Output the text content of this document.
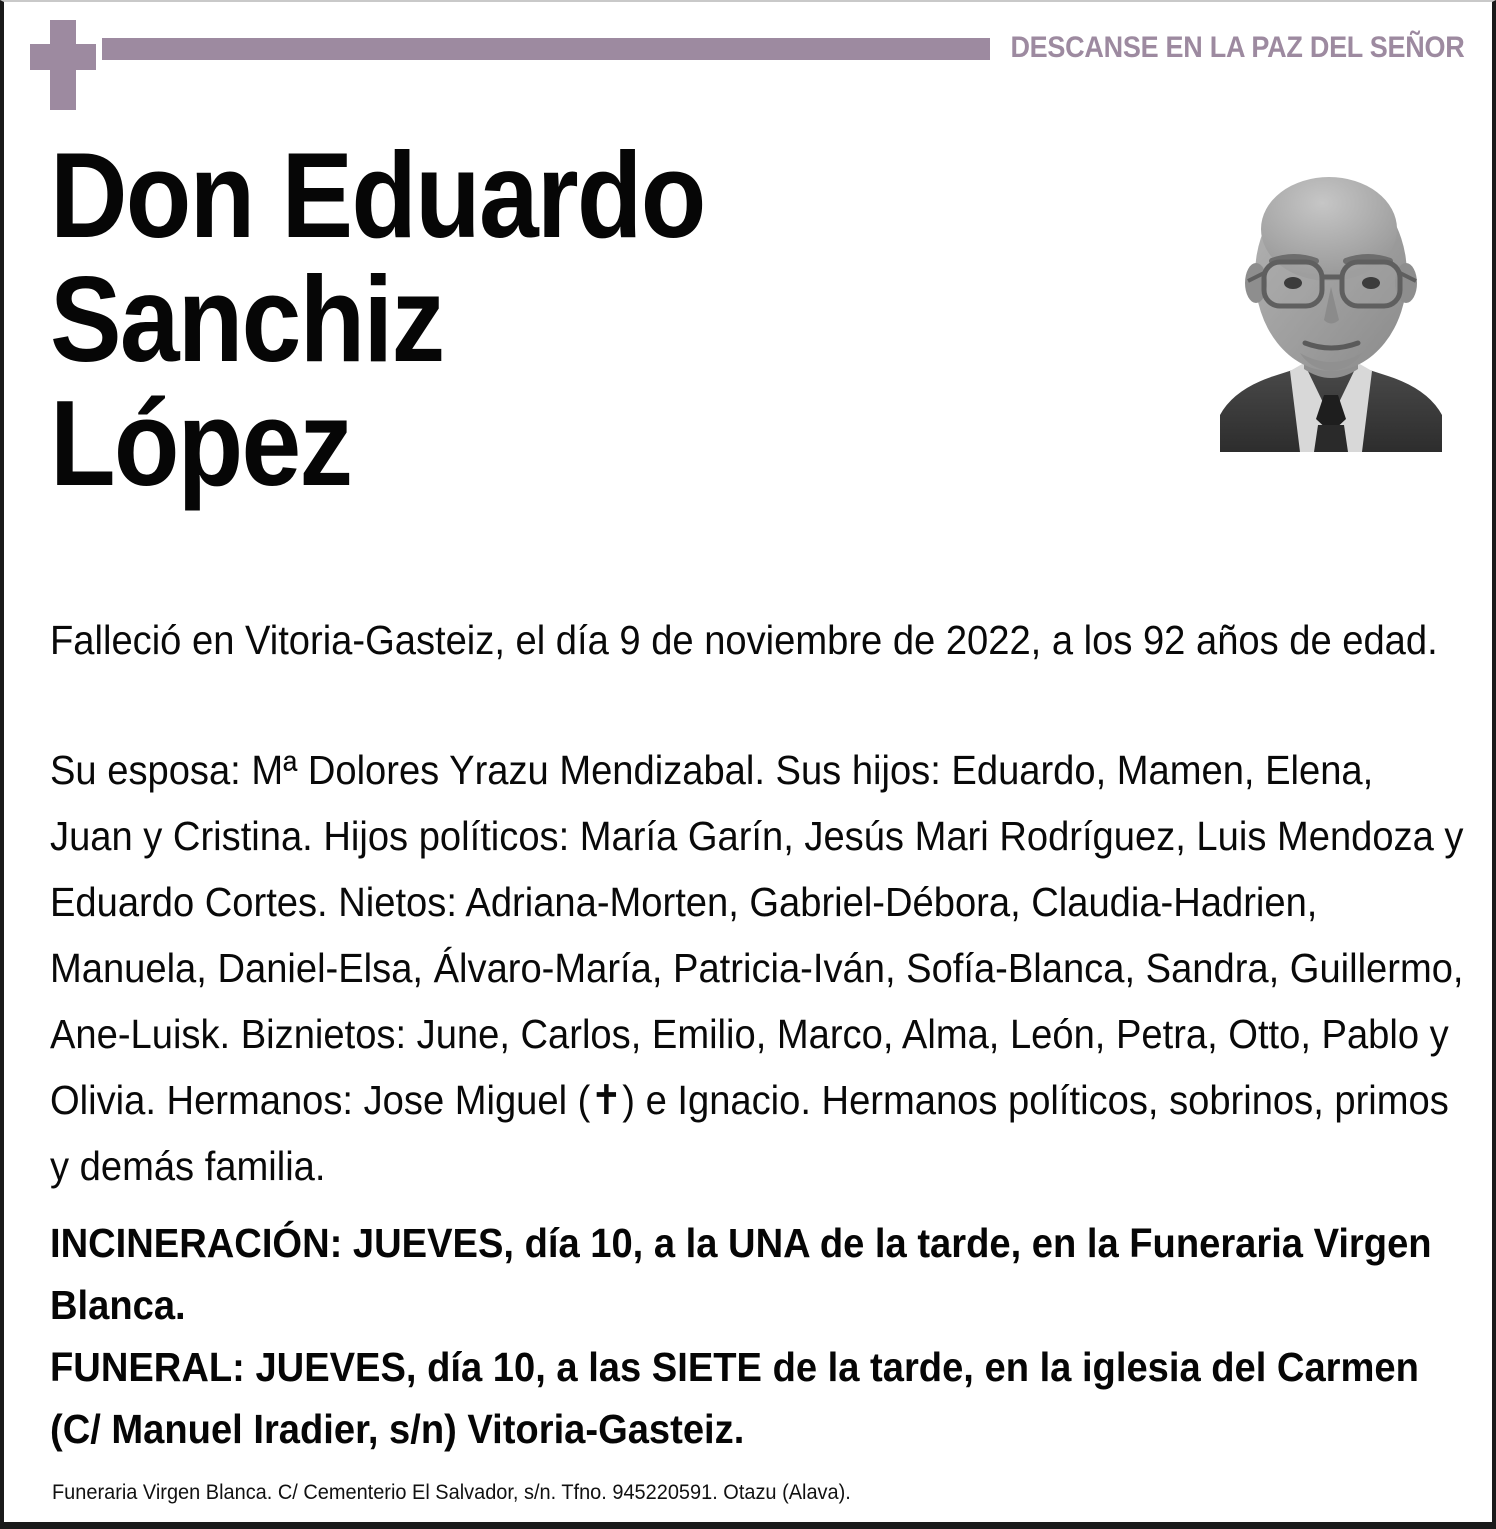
DESCANSE EN LA PAZ DEL SEÑOR
Don Eduardo
Sanchiz
López
Falleció en Vitoria-Gasteiz, el día 9 de noviembre de 2022, a los 92 años de edad.
Su esposa: Mª Dolores Yrazu Mendizabal. Sus hijos: Eduardo, Mamen, Elena, Juan y Cristina. Hijos políticos: María Garín, Jesús Mari Rodríguez, Luis Mendoza y Eduardo Cortes. Nietos: Adriana-Morten, Gabriel-Débora, Claudia-Hadrien, Manuela, Daniel-Elsa, Álvaro-María, Patricia-Iván, Sofía-Blanca, Sandra, Guillermo, Ane-Luisk. Biznietos: June, Carlos, Emilio, Marco, Alma, León, Petra, Otto, Pablo y Olivia. Hermanos: Jose Miguel (✝) e Ignacio. Hermanos políticos, sobrinos, primos y demás familia.

INCINERACIÓN: JUEVES, día 10, a la UNA de la tarde, en la Funeraria Virgen Blanca.

FUNERAL: JUEVES, día 10, a las SIETE de la tarde, en la iglesia del Carmen (C/ Manuel Iradier, s/n) Vitoria-Gasteiz.

Funeraria Virgen Blanca. C/ Cementerio El Salvador, s/n. Tfno. 945220591. Otazu (Alava).
